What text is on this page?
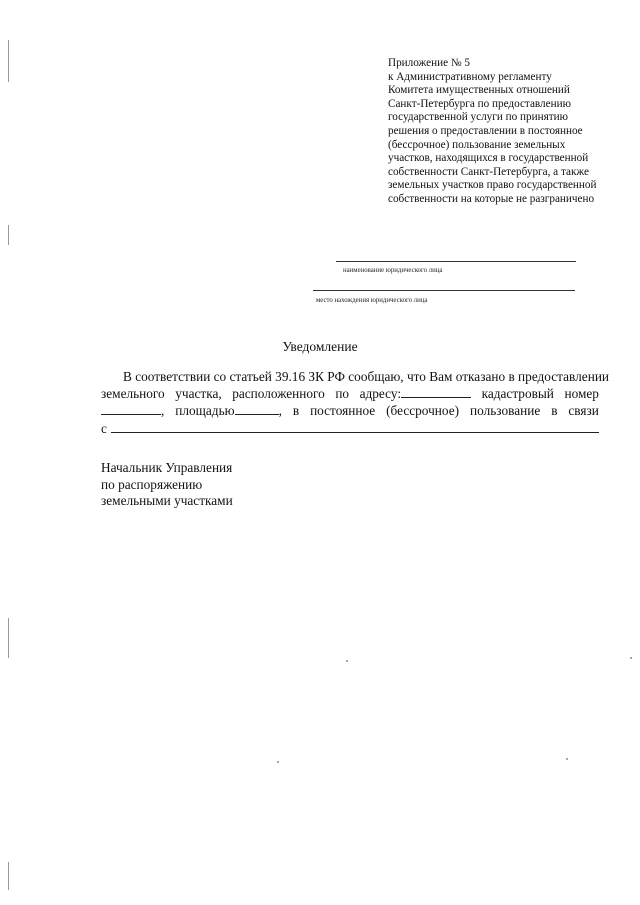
Приложение № 5
к Административному регламенту
Комитета имущественных отношений
Санкт-Петербурга по предоставлению
государственной услуги по принятию
решения о предоставлении в постоянное
(бессрочное) пользование земельных
участков, находящихся в государственной
собственности Санкт-Петербурга, а также
земельных участков право государственной
собственности на которые не разграничено
наименование юридического лица
место нахождения юридического лица
Уведомление
В соответствии со статьей 39.16 ЗК РФ сообщаю, что Вам отказано в предоставлении
земельного участка, расположенного по адресу:	кадастровый номер
, площадью	, в постоянное (бессрочное) пользование в связи
с
Начальник Управления
по распоряжению
земельными участками
